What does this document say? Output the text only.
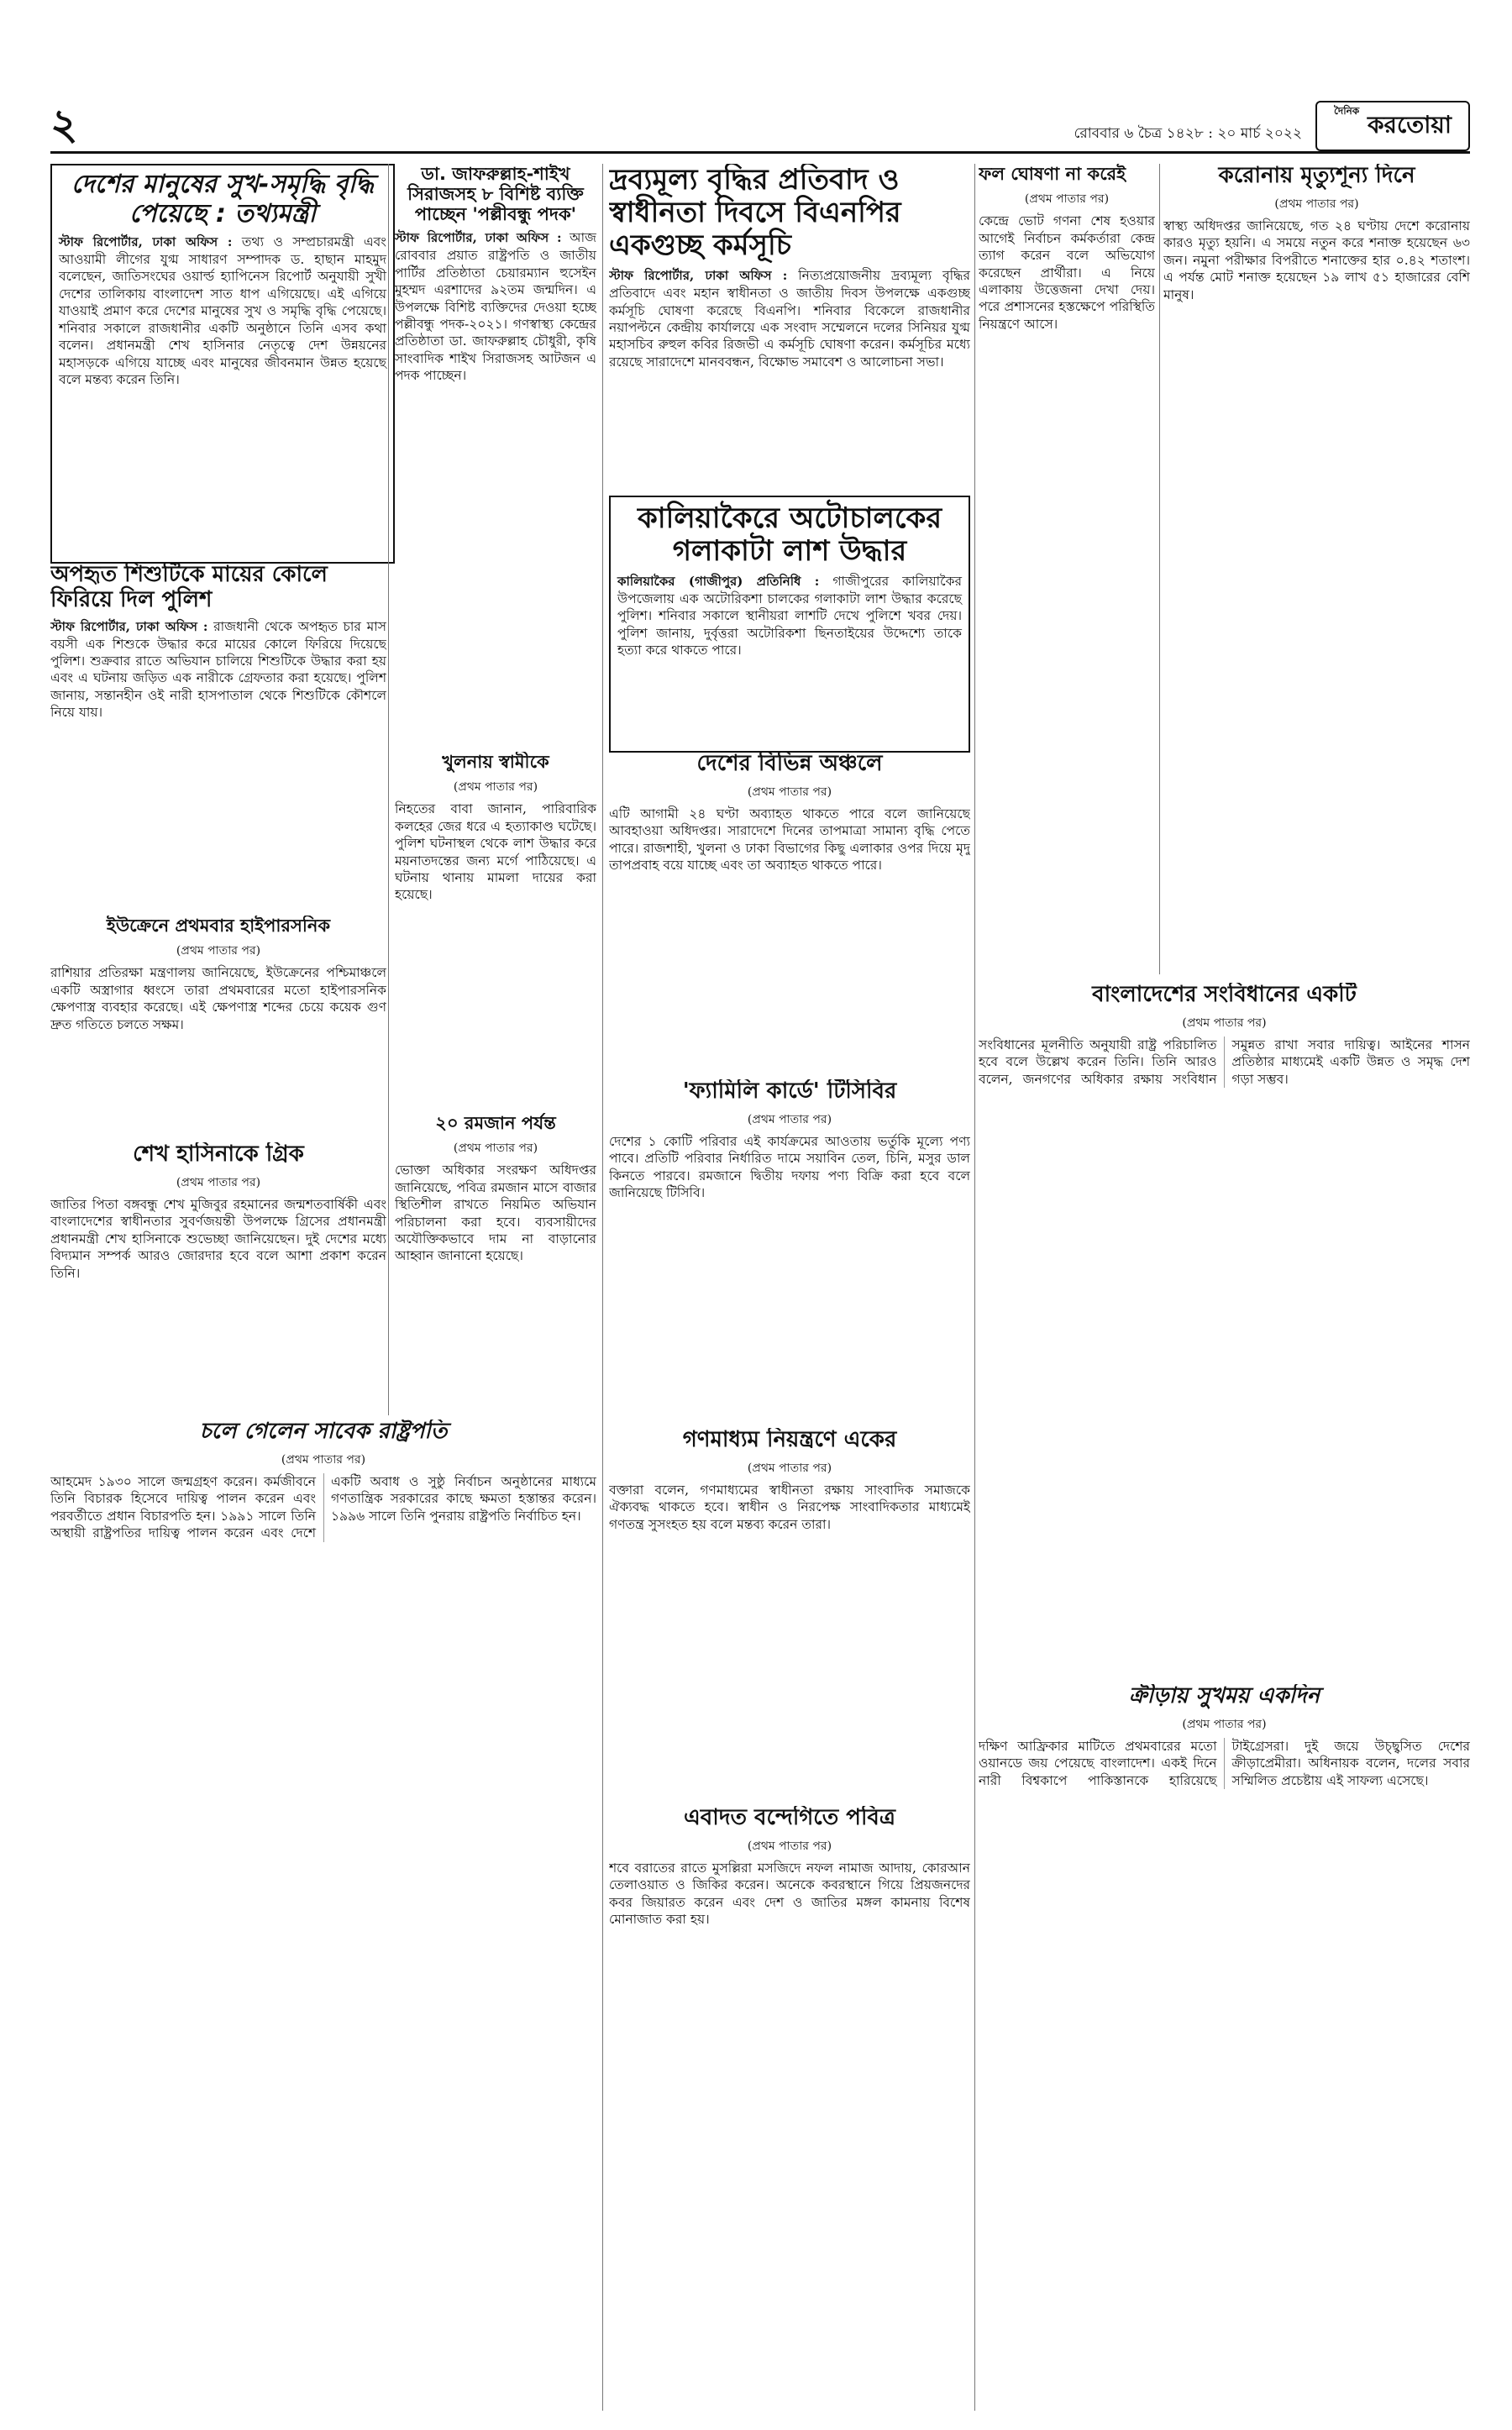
২	রোববার ৬ চৈত্র ১৪২৮ : ২০ মার্চ ২০২২
দৈনিক করতোয়া
দেশের মানুষের সুখ-সমৃদ্ধি বৃদ্ধি পেয়েছে : তথ্যমন্ত্রী
স্টাফ রিপোর্টার, ঢাকা অফিস : তথ্য ও সম্প্রচারমন্ত্রী এবং আওয়ামী লীগের যুগ্ম সাধারণ সম্পাদক ড. হাছান মাহমুদ বলেছেন, জাতিসংঘের ওয়ার্ল্ড হ্যাপিনেস রিপোর্ট অনুযায়ী সুখী দেশের তালিকায় বাংলাদেশ সাত ধাপ এগিয়েছে। এই এগিয়ে যাওয়াই প্রমাণ করে দেশের মানুষের সুখ ও সমৃদ্ধি বৃদ্ধি পেয়েছে। শনিবার সকালে রাজধানীর একটি অনুষ্ঠানে তিনি এসব কথা বলেন। প্রধানমন্ত্রী শেখ হাসিনার নেতৃত্বে দেশ উন্নয়নের মহাসড়কে এগিয়ে যাচ্ছে এবং মানুষের জীবনমান উন্নত হয়েছে বলে মন্তব্য করেন তিনি।
অপহৃত শিশুটিকে মায়ের কোলে ফিরিয়ে দিল পুলিশ
স্টাফ রিপোর্টার, ঢাকা অফিস : রাজধানী থেকে অপহৃত চার মাস বয়সী এক শিশুকে উদ্ধার করে মায়ের কোলে ফিরিয়ে দিয়েছে পুলিশ। শুক্রবার রাতে অভিযান চালিয়ে শিশুটিকে উদ্ধার করা হয় এবং এ ঘটনায় জড়িত এক নারীকে গ্রেফতার করা হয়েছে। পুলিশ জানায়, সন্তানহীন ওই নারী হাসপাতাল থেকে শিশুটিকে কৌশলে নিয়ে যায়।
ইউক্রেনে প্রথমবার হাইপারসনিক
(প্রথম পাতার পর)
রাশিয়ার প্রতিরক্ষা মন্ত্রণালয় জানিয়েছে, ইউক্রেনের পশ্চিমাঞ্চলে একটি অস্ত্রাগার ধ্বংসে তারা প্রথমবারের মতো হাইপারসনিক ক্ষেপণাস্ত্র ব্যবহার করেছে। এই ক্ষেপণাস্ত্র শব্দের চেয়ে কয়েক গুণ দ্রুত গতিতে চলতে সক্ষম।
শেখ হাসিনাকে গ্রিক
(প্রথম পাতার পর)
জাতির পিতা বঙ্গবন্ধু শেখ মুজিবুর রহমানের জন্মশতবার্ষিকী এবং বাংলাদেশের স্বাধীনতার সুবর্ণজয়ন্তী উপলক্ষে গ্রিসের প্রধানমন্ত্রী প্রধানমন্ত্রী শেখ হাসিনাকে শুভেচ্ছা জানিয়েছেন। দুই দেশের মধ্যে বিদ্যমান সম্পর্ক আরও জোরদার হবে বলে আশা প্রকাশ করেন তিনি।
চলে গেলেন সাবেক রাষ্ট্রপতি
(প্রথম পাতার পর)
আহমেদ ১৯৩০ সালে জন্মগ্রহণ করেন। কর্মজীবনে তিনি বিচারক হিসেবে দায়িত্ব পালন করেন এবং পরবর্তীতে প্রধান বিচারপতি হন। ১৯৯১ সালে তিনি অস্থায়ী রাষ্ট্রপতির দায়িত্ব পালন করেন এবং দেশে একটি অবাধ ও সুষ্ঠু নির্বাচন অনুষ্ঠানের মাধ্যমে গণতান্ত্রিক সরকারের কাছে ক্ষমতা হস্তান্তর করেন। ১৯৯৬ সালে তিনি পুনরায় রাষ্ট্রপতি নির্বাচিত হন।
ডা. জাফরুল্লাহ-শাইখ সিরাজসহ ৮ বিশিষ্ট ব্যক্তি পাচ্ছেন 'পল্লীবন্ধু পদক'
স্টাফ রিপোর্টার, ঢাকা অফিস : আজ রোববার প্রয়াত রাষ্ট্রপতি ও জাতীয় পার্টির প্রতিষ্ঠাতা চেয়ারম্যান হুসেইন মুহম্মদ এরশাদের ৯২তম জন্মদিন। এ উপলক্ষে বিশিষ্ট ব্যক্তিদের দেওয়া হচ্ছে পল্লীবন্ধু পদক-২০২১। গণস্বাস্থ্য কেন্দ্রের প্রতিষ্ঠাতা ডা. জাফরুল্লাহ চৌধুরী, কৃষি সাংবাদিক শাইখ সিরাজসহ আটজন এ পদক পাচ্ছেন।
খুলনায় স্বামীকে
(প্রথম পাতার পর)
নিহতের বাবা জানান, পারিবারিক কলহের জের ধরে এ হত্যাকাণ্ড ঘটেছে। পুলিশ ঘটনাস্থল থেকে লাশ উদ্ধার করে ময়নাতদন্তের জন্য মর্গে পাঠিয়েছে। এ ঘটনায় থানায় মামলা দায়ের করা হয়েছে।
২০ রমজান পর্যন্ত
(প্রথম পাতার পর)
ভোক্তা অধিকার সংরক্ষণ অধিদপ্তর জানিয়েছে, পবিত্র রমজান মাসে বাজার স্থিতিশীল রাখতে নিয়মিত অভিযান পরিচালনা করা হবে। ব্যবসায়ীদের অযৌক্তিকভাবে দাম না বাড়ানোর আহ্বান জানানো হয়েছে।
দ্রব্যমূল্য বৃদ্ধির প্রতিবাদ ও স্বাধীনতা দিবসে বিএনপির একগুচ্ছ কর্মসূচি
স্টাফ রিপোর্টার, ঢাকা অফিস : নিত্যপ্রয়োজনীয় দ্রব্যমূল্য বৃদ্ধির প্রতিবাদে এবং মহান স্বাধীনতা ও জাতীয় দিবস উপলক্ষে একগুচ্ছ কর্মসূচি ঘোষণা করেছে বিএনপি। শনিবার বিকেলে রাজধানীর নয়াপল্টনে কেন্দ্রীয় কার্যালয়ে এক সংবাদ সম্মেলনে দলের সিনিয়র যুগ্ম মহাসচিব রুহুল কবির রিজভী এ কর্মসূচি ঘোষণা করেন। কর্মসূচির মধ্যে রয়েছে সারাদেশে মানববন্ধন, বিক্ষোভ সমাবেশ ও আলোচনা সভা।
কালিয়াকৈরে অটোচালকের গলাকাটা লাশ উদ্ধার
কালিয়াকৈর (গাজীপুর) প্রতিনিধি : গাজীপুরের কালিয়াকৈর উপজেলায় এক অটোরিকশা চালকের গলাকাটা লাশ উদ্ধার করেছে পুলিশ। শনিবার সকালে স্থানীয়রা লাশটি দেখে পুলিশে খবর দেয়। পুলিশ জানায়, দুর্বৃত্তরা অটোরিকশা ছিনতাইয়ের উদ্দেশ্যে তাকে হত্যা করে থাকতে পারে।
দেশের বিভিন্ন অঞ্চলে
(প্রথম পাতার পর)
এটি আগামী ২৪ ঘণ্টা অব্যাহত থাকতে পারে বলে জানিয়েছে আবহাওয়া অধিদপ্তর। সারাদেশে দিনের তাপমাত্রা সামান্য বৃদ্ধি পেতে পারে। রাজশাহী, খুলনা ও ঢাকা বিভাগের কিছু এলাকার ওপর দিয়ে মৃদু তাপপ্রবাহ বয়ে যাচ্ছে এবং তা অব্যাহত থাকতে পারে।
'ফ্যামিলি কার্ডে' টিসিবির
(প্রথম পাতার পর)
দেশের ১ কোটি পরিবার এই কার্যক্রমের আওতায় ভর্তুকি মূল্যে পণ্য পাবে। প্রতিটি পরিবার নির্ধারিত দামে সয়াবিন তেল, চিনি, মসুর ডাল কিনতে পারবে। রমজানে দ্বিতীয় দফায় পণ্য বিক্রি করা হবে বলে জানিয়েছে টিসিবি।
গণমাধ্যম নিয়ন্ত্রণে একের
(প্রথম পাতার পর)
বক্তারা বলেন, গণমাধ্যমের স্বাধীনতা রক্ষায় সাংবাদিক সমাজকে ঐক্যবদ্ধ থাকতে হবে। স্বাধীন ও নিরপেক্ষ সাংবাদিকতার মাধ্যমেই গণতন্ত্র সুসংহত হয় বলে মন্তব্য করেন তারা।
এবাদত বন্দেগিতে পবিত্র
(প্রথম পাতার পর)
শবে বরাতের রাতে মুসল্লিরা মসজিদে নফল নামাজ আদায়, কোরআন তেলাওয়াত ও জিকির করেন। অনেকে কবরস্থানে গিয়ে প্রিয়জনদের কবর জিয়ারত করেন এবং দেশ ও জাতির মঙ্গল কামনায় বিশেষ মোনাজাত করা হয়।
ফল ঘোষণা না করেই
(প্রথম পাতার পর)
কেন্দ্রে ভোট গণনা শেষ হওয়ার আগেই নির্বাচন কর্মকর্তারা কেন্দ্র ত্যাগ করেন বলে অভিযোগ করেছেন প্রার্থীরা। এ নিয়ে এলাকায় উত্তেজনা দেখা দেয়। পরে প্রশাসনের হস্তক্ষেপে পরিস্থিতি নিয়ন্ত্রণে আসে।
করোনায় মৃত্যুশূন্য দিনে
(প্রথম পাতার পর)
স্বাস্থ্য অধিদপ্তর জানিয়েছে, গত ২৪ ঘণ্টায় দেশে করোনায় কারও মৃত্যু হয়নি। এ সময়ে নতুন করে শনাক্ত হয়েছেন ৬৩ জন। নমুনা পরীক্ষার বিপরীতে শনাক্তের হার ০.৪২ শতাংশ। এ পর্যন্ত মোট শনাক্ত হয়েছেন ১৯ লাখ ৫১ হাজারের বেশি মানুষ।
বাংলাদেশের সংবিধানের একটি
(প্রথম পাতার পর)
সংবিধানের মূলনীতি অনুযায়ী রাষ্ট্র পরিচালিত হবে বলে উল্লেখ করেন তিনি। তিনি আরও বলেন, জনগণের অধিকার রক্ষায় সংবিধান সমুন্নত রাখা সবার দায়িত্ব। আইনের শাসন প্রতিষ্ঠার মাধ্যমেই একটি উন্নত ও সমৃদ্ধ দেশ গড়া সম্ভব।
ক্রীড়ায় সুখময় একদিন
(প্রথম পাতার পর)
দক্ষিণ আফ্রিকার মাটিতে প্রথমবারের মতো ওয়ানডে জয় পেয়েছে বাংলাদেশ। একই দিনে নারী বিশ্বকাপে পাকিস্তানকে হারিয়েছে টাইগ্রেসরা। দুই জয়ে উচ্ছ্বসিত দেশের ক্রীড়াপ্রেমীরা। অধিনায়ক বলেন, দলের সবার সম্মিলিত প্রচেষ্টায় এই সাফল্য এসেছে।
